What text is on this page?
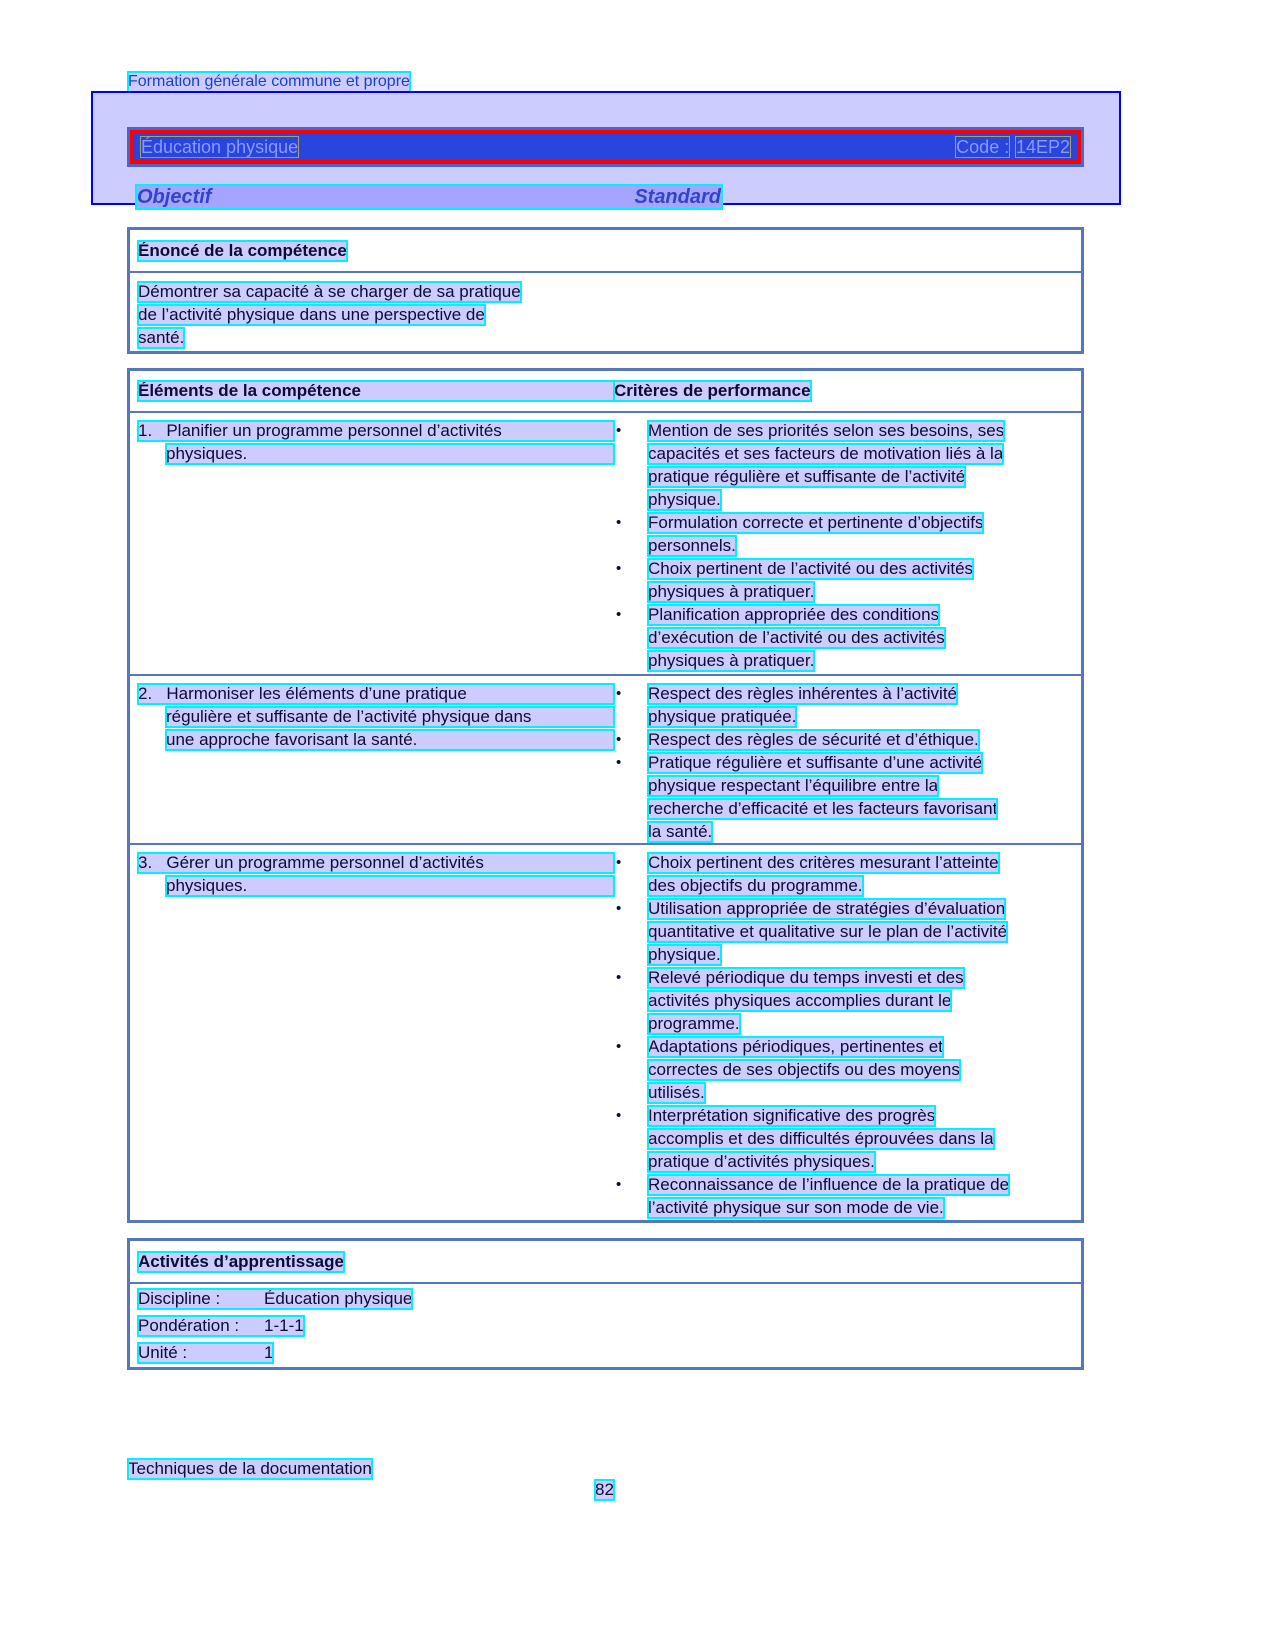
Formation générale commune et propre
Éducation physique	Code : 14EP2
Objectif	Standard
Énoncé de la compétence
Démontrer sa capacité à se charger de sa pratique
de l’activité physique dans une perspective de
santé.
Éléments de la compétence	Critères de performance
1.   Planifier un programme personnel d’activités
physiques.
•	Mention de ses priorités selon ses besoins, ses
capacités et ses facteurs de motivation liés à la
pratique régulière et suffisante de l’activité
physique.
•	Formulation correcte et pertinente d’objectifs
personnels.
•	Choix pertinent de l’activité ou des activités
physiques à pratiquer.
•	Planification appropriée des conditions
d’exécution de l’activité ou des activités
physiques à pratiquer.
2.   Harmoniser les éléments d’une pratique
régulière et suffisante de l’activité physique dans
une approche favorisant la santé.
•	Respect des règles inhérentes à l’activité
physique pratiquée.
•	Respect des règles de sécurité et d’éthique.
•	Pratique régulière et suffisante d’une activité
physique respectant l’équilibre entre la
recherche d’efficacité et les facteurs favorisant
la santé.
3.   Gérer un programme personnel d’activités
physiques.
•	Choix pertinent des critères mesurant l’atteinte
des objectifs du programme.
•	Utilisation appropriée de stratégies d’évaluation
quantitative et qualitative sur le plan de l’activité
physique.
•	Relevé périodique du temps investi et des
activités physiques accomplies durant le
programme.
•	Adaptations périodiques, pertinentes et
correctes de ses objectifs ou des moyens
utilisés.
•	Interprétation significative des progrès
accomplis et des difficultés éprouvées dans la
pratique d’activités physiques.
•	Reconnaissance de l’influence de la pratique de
l’activité physique sur son mode de vie.
Activités d’apprentissage
Discipline :	Éducation physique
Pondération :	1-1-1
Unité :	1
Techniques de la documentation
82
